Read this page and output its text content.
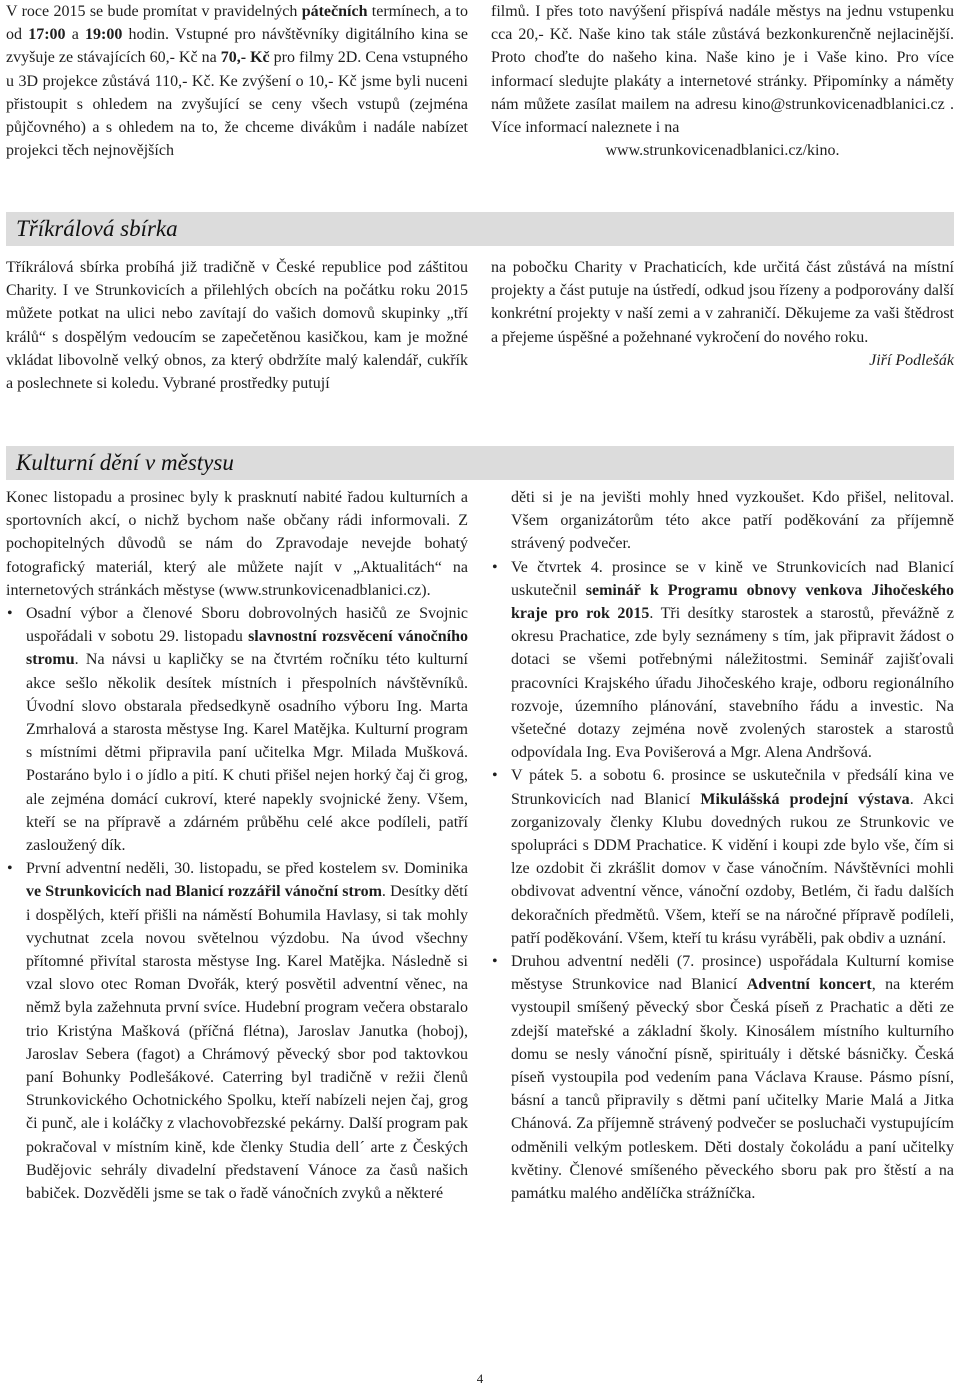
V roce 2015 se bude promítat v pravidelných pátečních termínech, a to od 17:00 a 19:00 hodin. Vstupné pro návštěvníky digitálního kina se zvyšuje ze stávajících 60,- Kč na 70,- Kč pro filmy 2D. Cena vstupného u 3D projekce zůstává 110,- Kč. Ke zvýšení o 10,- Kč jsme byli nuceni přistoupit s ohledem na zvyšující se ceny všech vstupů (zejména půjčovného) a s ohledem na to, že chceme divákům i nadále nabízet projekci těch nejnovějších

filmů. I přes toto navýšení přispívá nadále městys na jednu vstupenku cca 20,- Kč. Naše kino tak stále zůstává bezkonkurenčně nejlacinější. Proto choďte do našeho kina. Naše kino je i Vaše kino. Pro více informací sledujte plakáty a internetové stránky. Připomínky a náměty nám můžete zasílat mailem na adresu kino@strunkovicenadblanici.cz . Více informací naleznete i na

www.strunkovicenadblanici.cz/kino.

Tříkrálová sbírka

Tříkrálová sbírka probíhá již tradičně v České republice pod záštitou Charity. I ve Strunkovicích a přilehlých obcích na počátku roku 2015 můžete potkat na ulici nebo zavítají do vašich domovů skupinky „tří králů“ s dospělým vedoucím se zapečetěnou kasičkou, kam je možné vkládat libovolně velký obnos, za který obdržíte malý kalendář, cukřík a poslechnete si koledu. Vybrané prostředky putují

na pobočku Charity v Prachaticích, kde určitá část zůstává na místní projekty a část putuje na ústředí, odkud jsou řízeny a podporovány další konkrétní projekty v naší zemi a v zahraničí. Děkujeme za vaši štědrost a přejeme úspěšné a požehnané vykročení do nového roku.

Jiří Podlešák

Kulturní dění v městysu

Konec listopadu a prosinec byly k prasknutí nabité řadou kulturních a sportovních akcí, o nichž bychom naše občany rádi informovali. Z pochopitelných důvodů se nám do Zpravodaje nevejde bohatý fotografický materiál, který ale můžete najít v „Aktualitách“ na internetových stránkách městyse (www.strunkovicenadblanici.cz).

• Osadní výbor a členové Sboru dobrovolných hasičů ze Svojnic uspořádali v sobotu 29. listopadu slavnostní rozsvěcení vánočního stromu. Na návsi u kapličky se na čtvrtém ročníku této kulturní akce sešlo několik desítek místních i přespolních návštěvníků. Úvodní slovo obstarala předsedkyně osadního výboru Ing. Marta Zmrhalová a starosta městyse Ing. Karel Matějka. Kulturní program s místními dětmi připravila paní učitelka Mgr. Milada Mušková. Postaráno bylo i o jídlo a pití. K chuti přišel nejen horký čaj či grog, ale zejména domácí cukroví, které napekly svojnické ženy. Všem, kteří se na přípravě a zdárném průběhu celé akce podíleli, patří zasloužený dík.
• První adventní neděli, 30. listopadu, se před kostelem sv. Dominika ve Strunkovicích nad Blanicí rozzářil vánoční strom. Desítky dětí i dospělých, kteří přišli na náměstí Bohumila Havlasy, si tak mohly vychutnat zcela novou světelnou výzdobu. Na úvod všechny přítomné přivítal starosta městyse Ing. Karel Matějka. Následně si vzal slovo otec Roman Dvořák, který posvětil adventní věnec, na němž byla zažehnuta první svíce. Hudební program večera obstaralo trio Kristýna Mašková (příčná flétna), Jaroslav Janutka (hoboj), Jaroslav Sebera (fagot) a Chrámový pěvecký sbor pod taktovkou paní Bohunky Podlešákové. Caterring byl tradičně v režii členů Strunkovického Ochotnického Spolku, kteří nabízeli nejen čaj, grog či punč, ale i koláčky z vlachovobřezské pekárny. Další program pak pokračoval v místním kině, kde členky Studia dell´ arte z Českých Budějovic sehrály divadelní představení Vánoce za časů našich babiček. Dozvěděli jsme se tak o řadě vánočních zvyků a některé

děti si je na jevišti mohly hned vyzkoušet. Kdo přišel, nelitoval. Všem organizátorům této akce patří poděkování za příjemně strávený podvečer.

• Ve čtvrtek 4. prosince se v kině ve Strunkovicích nad Blanicí uskutečnil seminář k Programu obnovy venkova Jihočeského kraje pro rok 2015. Tři desítky starostek a starostů, převážně z okresu Prachatice, zde byly seznámeny s tím, jak připravit žádost o dotaci se všemi potřebnými náležitostmi. Seminář zajišťovali pracovníci Krajského úřadu Jihočeského kraje, odboru regionálního rozvoje, územního plánování, stavebního řádu a investic. Na všetečné dotazy zejména nově zvolených starostek a starostů odpovídala Ing. Eva Povišerová a Mgr. Alena Andršová.
• V pátek 5. a sobotu 6. prosince se uskutečnila v předsálí kina ve Strunkovicích nad Blanicí Mikulášská prodejní výstava. Akci zorganizovaly členky Klubu dovedných rukou ze Strunkovic ve spolupráci s DDM Prachatice. K vidění i koupi zde bylo vše, čím si lze ozdobit či zkrášlit domov v čase vánočním. Návštěvníci mohli obdivovat adventní věnce, vánoční ozdoby, Betlém, či řadu dalších dekoračních předmětů. Všem, kteří se na náročné přípravě podíleli, patří poděkování. Všem, kteří tu krásu vyráběli, pak obdiv a uznání.
• Druhou adventní neděli (7. prosince) uspořádala Kulturní komise městyse Strunkovice nad Blanicí Adventní koncert, na kterém vystoupil smíšený pěvecký sbor Česká píseň z Prachatic a děti ze zdejší mateřské a základní školy. Kinosálem místního kulturního domu se nesly vánoční písně, spirituály i dětské básničky. Česká píseň vystoupila pod vedením pana Václava Krause. Pásmo písní, básní a tanců připravily s dětmi paní učitelky Marie Malá a Jitka Chánová. Za příjemně strávený podvečer se posluchači vystupujícím odměnili velkým potleskem. Děti dostaly čokoládu a paní učitelky květiny. Členové smíšeného pěveckého sboru pak pro štěstí a na památku malého andělíčka strážníčka.
4
